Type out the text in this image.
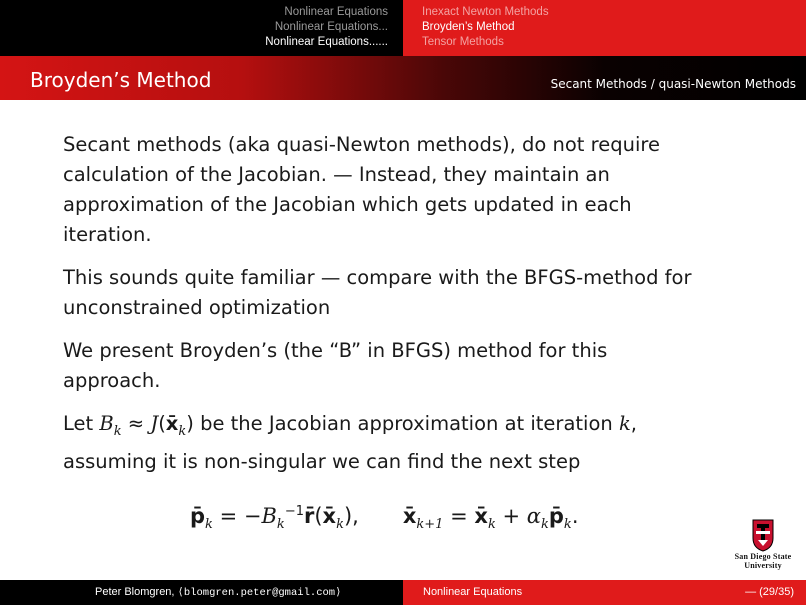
Nonlinear Equations
Nonlinear Equations...
Nonlinear Equations......
Inexact Newton Methods
Broyden’s Method
Tensor Methods
Broyden’s Method	Secant Methods / quasi-Newton Methods
Secant methods (aka quasi-Newton methods), do not require
calculation of the Jacobian. — Instead, they maintain an
approximation of the Jacobian which gets updated in each
iteration.
This sounds quite familiar — compare with the BFGS-method for
unconstrained optimization
We present Broyden’s (the “B” in BFGS) method for this
approach.
Let $B_k$ ≈ $J(x̄_k)$ be the Jacobian approximation at iteration k,
assuming it is non-singular we can find the next step
$p̄_k$ = $-B_k^{-1}r̄(x̄_k)$, $x̄_{k+1}$ = $x̄_k$ + $\alpha_kp̄_k$.
San Diego State
University
Peter Blomgren, ⟨blomgren.peter@gmail.com⟩	Nonlinear Equations	— (29/35)
